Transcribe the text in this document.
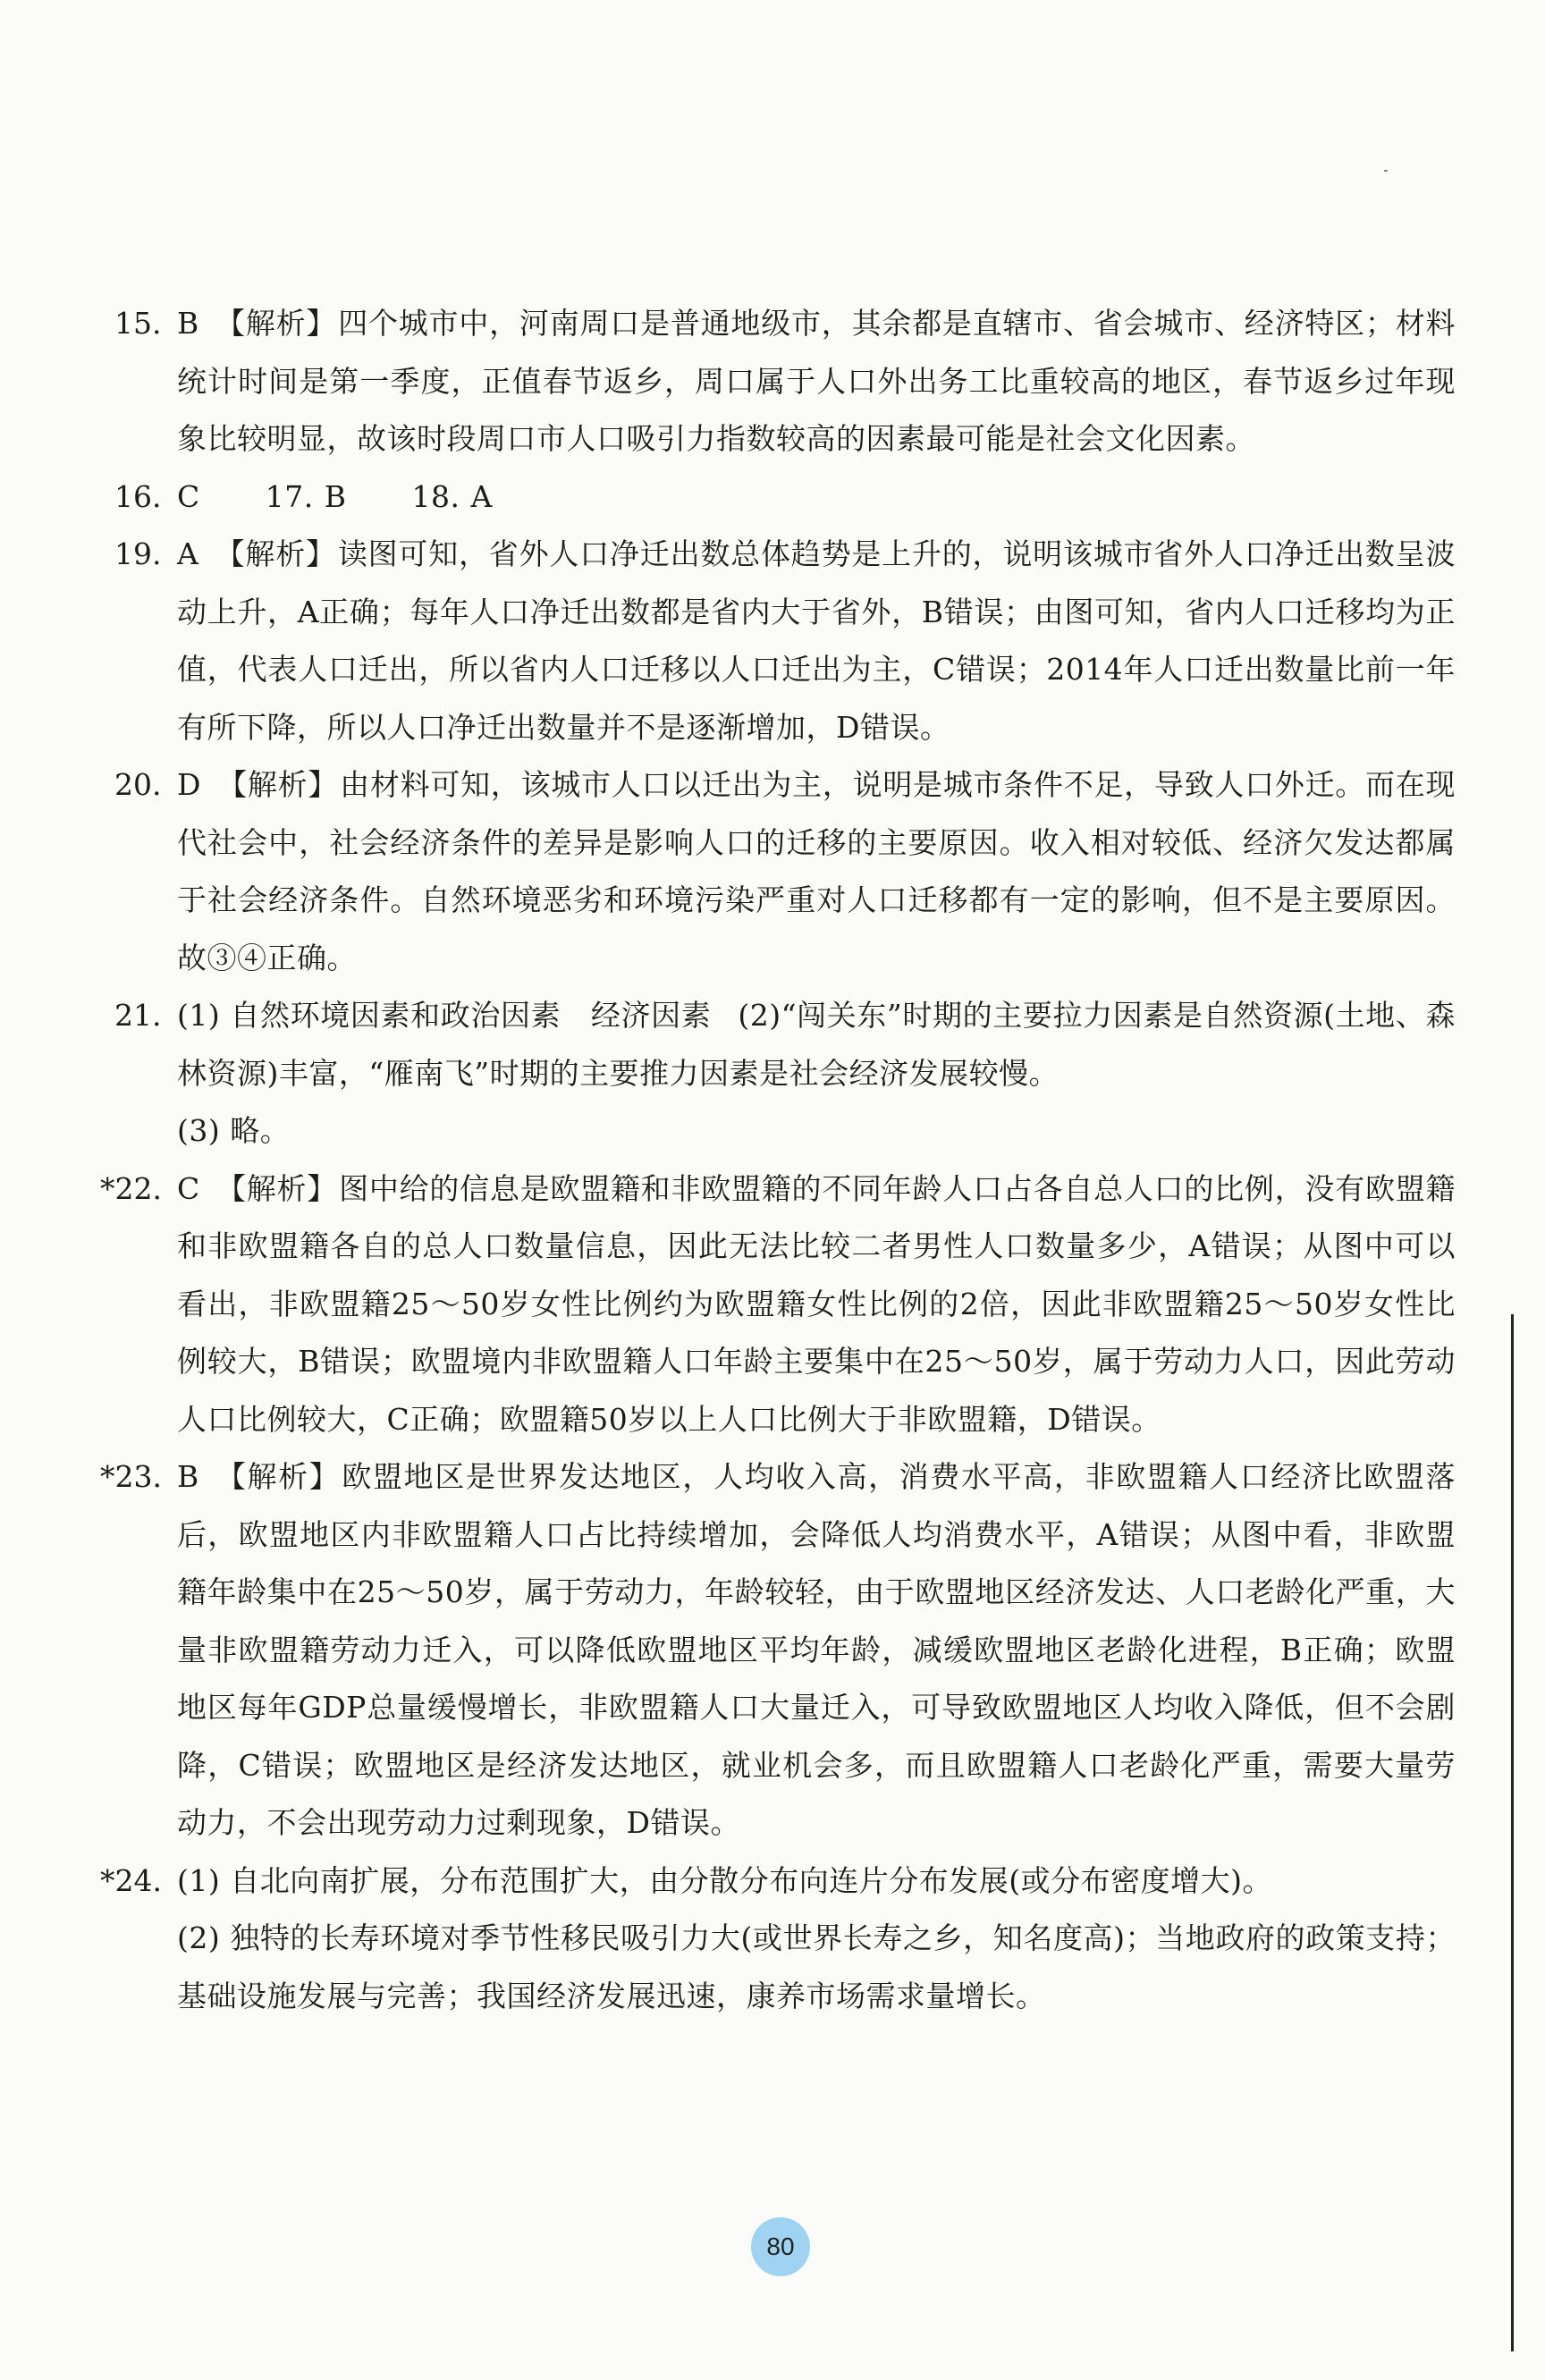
15. B 【解析】四个城市中，河南周口是普通地级市，其余都是直辖市、省会城市、经济特区；材料统计时间是第一季度，正值春节返乡，周口属于人口外出务工比重较高的地区，春节返乡过年现象比较明显，故该时段周口市人口吸引力指数较高的因素最可能是社会文化因素。
16. C 17. B 18. A
19. A 【解析】读图可知，省外人口净迁出数总体趋势是上升的，说明该城市省外人口净迁出数呈波动上升，A正确；每年人口净迁出数都是省内大于省外，B错误；由图可知，省内人口迁移均为正值，代表人口迁出，所以省内人口迁移以人口迁出为主，C错误；2014年人口迁出数量比前一年有所下降，所以人口净迁出数量并不是逐渐增加，D错误。
20. D 【解析】由材料可知，该城市人口以迁出为主，说明是城市条件不足，导致人口外迁。而在现代社会中，社会经济条件的差异是影响人口的迁移的主要原因。收入相对较低、经济欠发达都属于社会经济条件。自然环境恶劣和环境污染严重对人口迁移都有一定的影响，但不是主要原因。故③④正确。
21. (1) 自然环境因素和政治因素　经济因素 (2)“闯关东”时期的主要拉力因素是自然资源(土地、森林资源)丰富，“雁南飞”时期的主要推力因素是社会经济发展较慢。
(3) 略。
*22. C 【解析】图中给的信息是欧盟籍和非欧盟籍的不同年龄人口占各自总人口的比例，没有欧盟籍和非欧盟籍各自的总人口数量信息，因此无法比较二者男性人口数量多少，A错误；从图中可以看出，非欧盟籍25～50岁女性比例约为欧盟籍女性比例的2倍，因此非欧盟籍25～50岁女性比例较大，B错误；欧盟境内非欧盟籍人口年龄主要集中在25～50岁，属于劳动力人口，因此劳动人口比例较大，C正确；欧盟籍50岁以上人口比例大于非欧盟籍，D错误。
*23. B 【解析】欧盟地区是世界发达地区，人均收入高，消费水平高，非欧盟籍人口经济比欧盟落后，欧盟地区内非欧盟籍人口占比持续增加，会降低人均消费水平，A错误；从图中看，非欧盟籍年龄集中在25～50岁，属于劳动力，年龄较轻，由于欧盟地区经济发达、人口老龄化严重，大量非欧盟籍劳动力迁入，可以降低欧盟地区平均年龄，减缓欧盟地区老龄化进程，B正确；欧盟地区每年GDP总量缓慢增长，非欧盟籍人口大量迁入，可导致欧盟地区人均收入降低，但不会剧降，C错误；欧盟地区是经济发达地区，就业机会多，而且欧盟籍人口老龄化严重，需要大量劳动力，不会出现劳动力过剩现象，D错误。
*24. (1) 自北向南扩展，分布范围扩大，由分散分布向连片分布发展(或分布密度增大)。
(2) 独特的长寿环境对季节性移民吸引力大(或世界长寿之乡，知名度高)；当地政府的政策支持；基础设施发展与完善；我国经济发展迅速，康养市场需求量增长。
80
